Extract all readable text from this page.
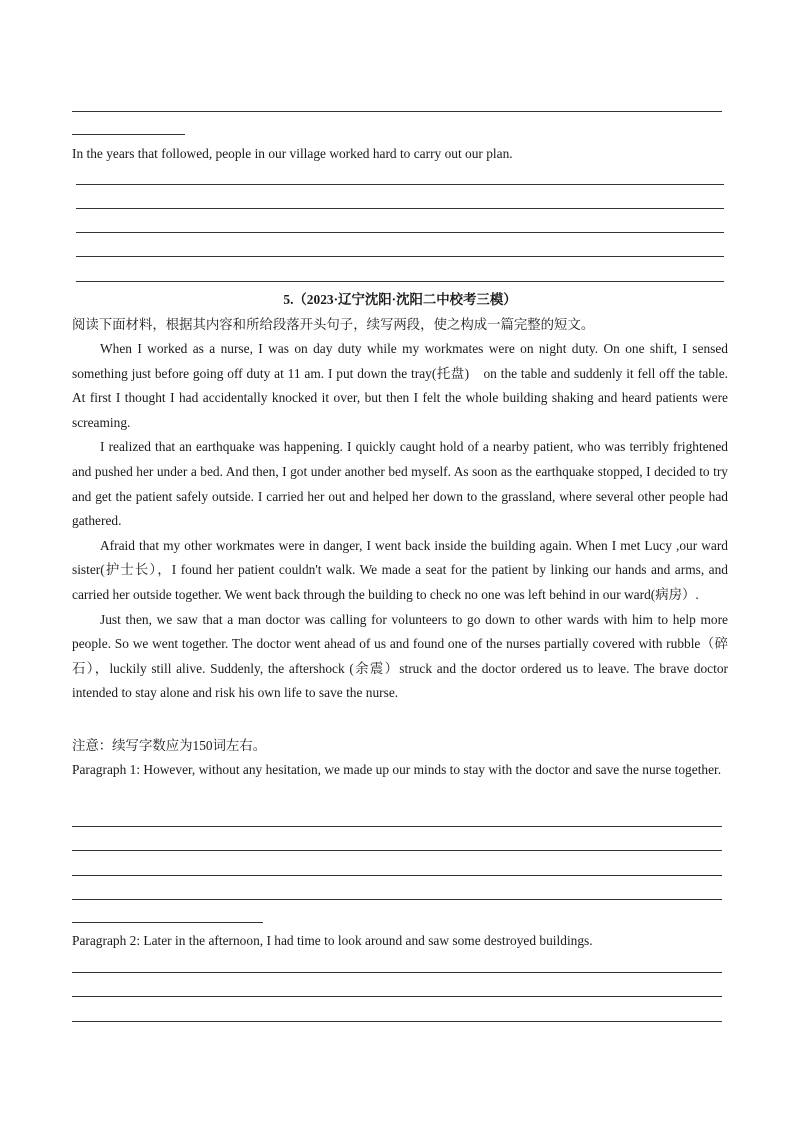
In the years that followed, people in our village worked hard to carry out our plan.
5.（2023·辽宁沈阳·沈阳二中校考三模）
阅读下面材料，根据其内容和所给段落开头句子，续写两段，使之构成一篇完整的短文。

When I worked as a nurse, I was on day duty while my workmates were on night duty. On one shift, I sensed something just before going off duty at 11 am. I put down the tray(托盘)　on the table and suddenly it fell off the table. At first I thought I had accidentally knocked it over, but then I felt the whole building shaking and heard patients were screaming.

I realized that an earthquake was happening. I quickly caught hold of a nearby patient, who was terribly frightened and pushed her under a bed. And then, I got under another bed myself. As soon as the earthquake stopped, I decided to try and get the patient safely outside. I carried her out and helped her down to the grassland, where several other people had gathered.

Afraid that my other workmates were in danger, I went back inside the building again. When I met Lucy ,our ward sister(护士长），I found her patient couldn't walk. We made a seat for the patient by linking our hands and arms, and carried her outside together. We went back through the building to check no one was left behind in our ward(病房）.

Just then, we saw that a man doctor was calling for volunteers to go down to other wards with him to help more people. So we went together. The doctor went ahead of us and found one of the nurses partially covered with rubble（碎石），luckily still alive. Suddenly, the aftershock (余震）struck and the doctor ordered us to leave. The brave doctor intended to stay alone and risk his own life to save the nurse.

注意：续写字数应为150词左右。
Paragraph 1: However, without any hesitation, we made up our minds to stay with the doctor and save the nurse together.
Paragraph 2: Later in the afternoon, I had time to look around and saw some destroyed buildings.
